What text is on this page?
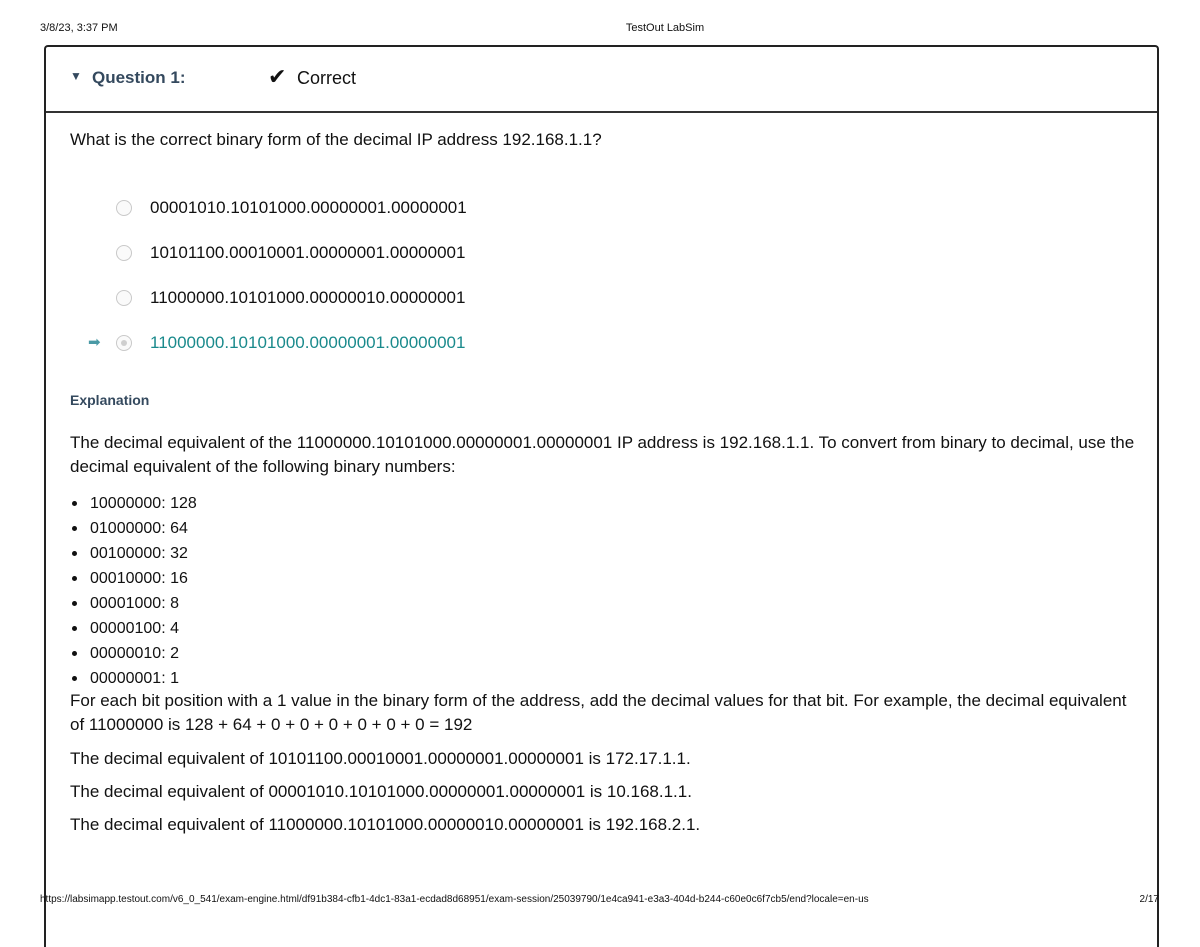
3/8/23, 3:37 PM	TestOut LabSim
▼ Question 1:	✔ Correct
What is the correct binary form of the decimal IP address 192.168.1.1?
00001010.10101000.00000001.00000001
10101100.00010001.00000001.00000001
11000000.10101000.00000010.00000001
➡	11000000.10101000.00000001.00000001
Explanation
The decimal equivalent of the 11000000.10101000.00000001.00000001 IP address is 192.168.1.1. To convert from binary to decimal, use the decimal equivalent of the following binary numbers:
10000000: 128
01000000: 64
00100000: 32
00010000: 16
00001000: 8
00000100: 4
00000010: 2
00000001: 1
For each bit position with a 1 value in the binary form of the address, add the decimal values for that bit. For example, the decimal equivalent of 11000000 is 128 + 64 + 0 + 0 + 0 + 0 + 0 + 0 = 192
The decimal equivalent of 10101100.00010001.00000001.00000001 is 172.17.1.1.
The decimal equivalent of 00001010.10101000.00000001.00000001 is 10.168.1.1.
The decimal equivalent of 11000000.10101000.00000010.00000001 is 192.168.2.1.
https://labsimapp.testout.com/v6_0_541/exam-engine.html/df91b384-cfb1-4dc1-83a1-ecdad8d68951/exam-session/25039790/1e4ca941-e3a3-404d-b244-c60e0c6f7cb5/end?locale=en-us	2/17
